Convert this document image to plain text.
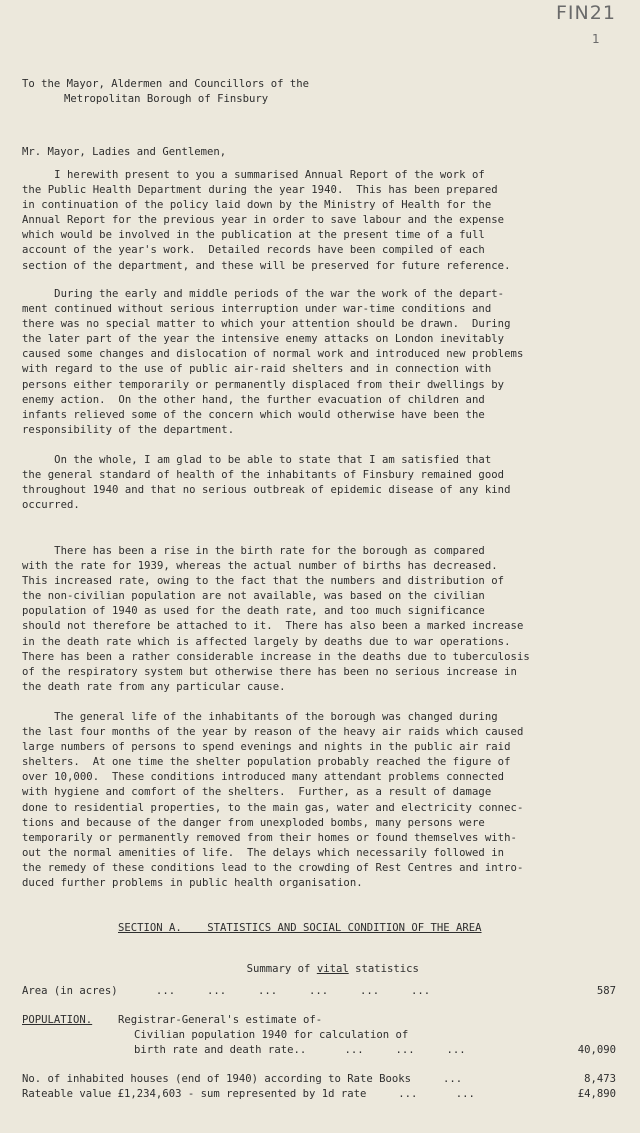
FIN21
1
To the Mayor, Aldermen and Councillors of the
Metropolitan Borough of Finsbury
Mr. Mayor, Ladies and Gentlemen,
I herewith present to you a summarised Annual Report of the work of
the Public Health Department during the year 1940.  This has been prepared
in continuation of the policy laid down by the Ministry of Health for the
Annual Report for the previous year in order to save labour and the expense
which would be involved in the publication at the present time of a full
account of the year's work.  Detailed records have been compiled of each
section of the department, and these will be preserved for future reference.
During the early and middle periods of the war the work of the depart-
ment continued without serious interruption under war-time conditions and
there was no special matter to which your attention should be drawn.  During
the later part of the year the intensive enemy attacks on London inevitably
caused some changes and dislocation of normal work and introduced new problems
with regard to the use of public air-raid shelters and in connection with
persons either temporarily or permanently displaced from their dwellings by
enemy action.  On the other hand, the further evacuation of children and
infants relieved some of the concern which would otherwise have been the
responsibility of the department.
On the whole, I am glad to be able to state that I am satisfied that
the general standard of health of the inhabitants of Finsbury remained good
throughout 1940 and that no serious outbreak of epidemic disease of any kind
occurred.
There has been a rise in the birth rate for the borough as compared
with the rate for 1939, whereas the actual number of births has decreased.
This increased rate, owing to the fact that the numbers and distribution of
the non-civilian population are not available, was based on the civilian
population of 1940 as used for the death rate, and too much significance
should not therefore be attached to it.  There has also been a marked increase
in the death rate which is affected largely by deaths due to war operations.
There has been a rather considerable increase in the deaths due to tuberculosis
of the respiratory system but otherwise there has been no serious increase in
the death rate from any particular cause.
The general life of the inhabitants of the borough was changed during
the last four months of the year by reason of the heavy air raids which caused
large numbers of persons to spend evenings and nights in the public air raid
shelters.  At one time the shelter population probably reached the figure of
over 10,000.  These conditions introduced many attendant problems connected
with hygiene and comfort of the shelters.  Further, as a result of damage
done to residential properties, to the main gas, water and electricity connec-
tions and because of the danger from unexploded bombs, many persons were
temporarily or permanently removed from their homes or found themselves with-
out the normal amenities of life.  The delays which necessarily followed in
the remedy of these conditions lead to the crowding of Rest Centres and intro-
duced further problems in public health organisation.
SECTION A.    STATISTICS AND SOCIAL CONDITION OF THE AREA

Summary of vital statistics

Area (in acres)      ...     ...     ...     ...     ...     ...	587
POPULATION. Registrar-General's estimate of-
Civilian population 1940 for calculation of
birth rate and death rate..      ...     ...     ...	40,090
No. of inhabited houses (end of 1940) according to Rate Books     ...	8,473
Rateable value £1,234,603 - sum represented by 1d rate     ...      ...	£4,890
